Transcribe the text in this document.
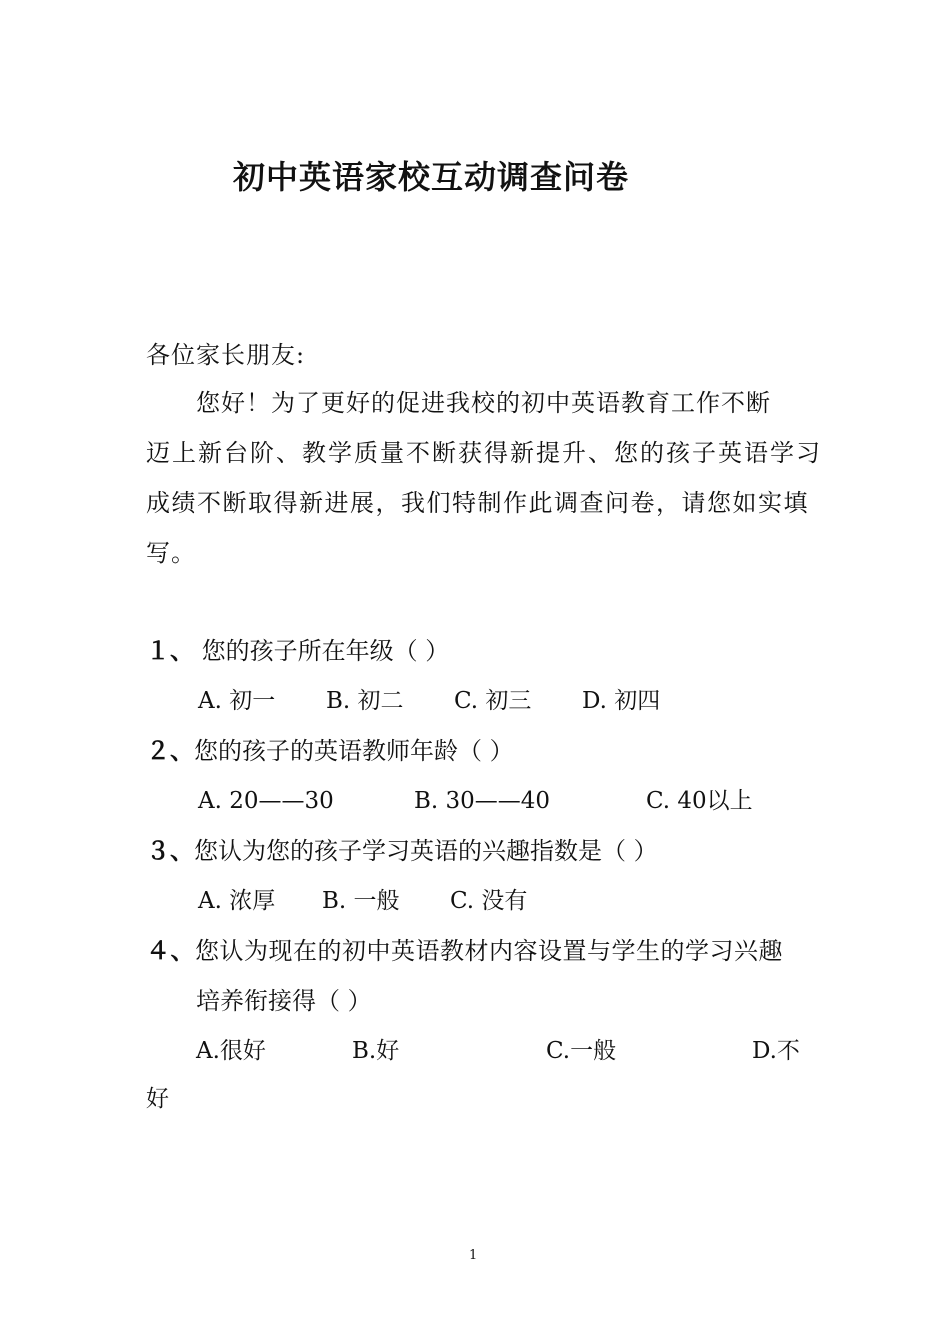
初中英语家校互动调查问卷
各位家长朋友:
您好！为了更好的促进我校的初中英语教育工作不断
迈上新台阶、教学质量不断获得新提升、您的孩子英语学习
成绩不断取得新进展，我们特制作此调查问卷，请您如实填
写。
１、 您的孩子所在年级（ ）
A. 初一 B. 初二 C. 初三 D. 初四
２、您的孩子的英语教师年龄（ ）
A. 20——30	B. 30——40	C. 40以上
３、您认为您的孩子学习英语的兴趣指数是（ ）
A. 浓厚 B. 一般 C. 没有
４、您认为现在的初中英语教材内容设置与学生的学习兴趣
培养衔接得（ ）
A.很好	B.好	C.一般	D.不
好
1
